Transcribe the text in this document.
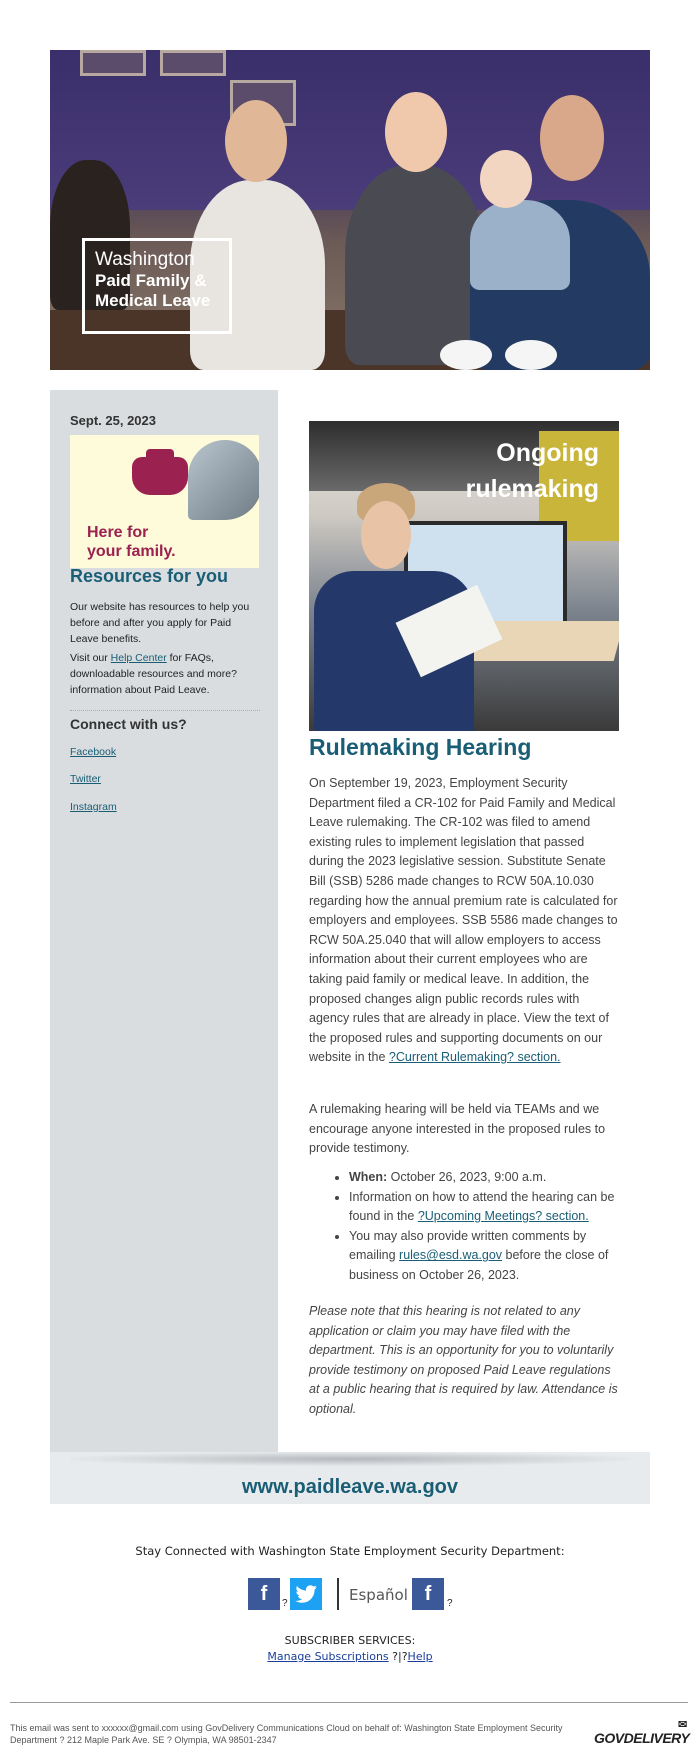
Washington
Paid Family &
Medical Leave
Sept. 25, 2023
Here for
your family.
Resources for you
Our website has resources to help you before and after you apply for Paid Leave benefits.
Visit our Help Center for FAQs, downloadable resources and more? information about Paid Leave.
Connect with us?
Facebook
Twitter
Instagram
Ongoing
rulemaking
Rulemaking Hearing
On September 19, 2023, Employment Security Department filed a CR-102 for Paid Family and Medical Leave rulemaking. The CR-102 was filed to amend existing rules to implement legislation that passed during the 2023 legislative session. Substitute Senate Bill (SSB) 5286 made changes to RCW 50A.10.030 regarding how the annual premium rate is calculated for employers and employees. SSB 5586 made changes to RCW 50A.25.040 that will allow employers to access information about their current employees who are taking paid family or medical leave. In addition, the proposed changes align public records rules with agency rules that are already in place. View the text of the proposed rules and supporting documents on our website in the ?Current Rulemaking? section.
A rulemaking hearing will be held via TEAMs and we encourage anyone interested in the proposed rules to provide testimony.
• When: October 26, 2023, 9:00 a.m.
• Information on how to attend the hearing can be found in the ?Upcoming Meetings? section.
• You may also provide written comments by emailing rules@esd.wa.gov before the close of business on October 26, 2023.
Please note that this hearing is not related to any application or claim you may have filed with the department. This is an opportunity for you to voluntarily provide testimony on proposed Paid Leave regulations at a public hearing that is required by law. Attendance is optional.
www.paidleave.wa.gov
Stay Connected with Washington State Employment Security Department:
f	?	Español f	?
SUBSCRIBER SERVICES:
Manage Subscriptions ?|?Help
This email was sent to xxxxxx@gmail.com using GovDelivery Communications Cloud on behalf of: Washington State Employment Security Department ? 212 Maple Park Ave. SE ? Olympia, WA 98501-2347	GOVDELIVERY
✉
